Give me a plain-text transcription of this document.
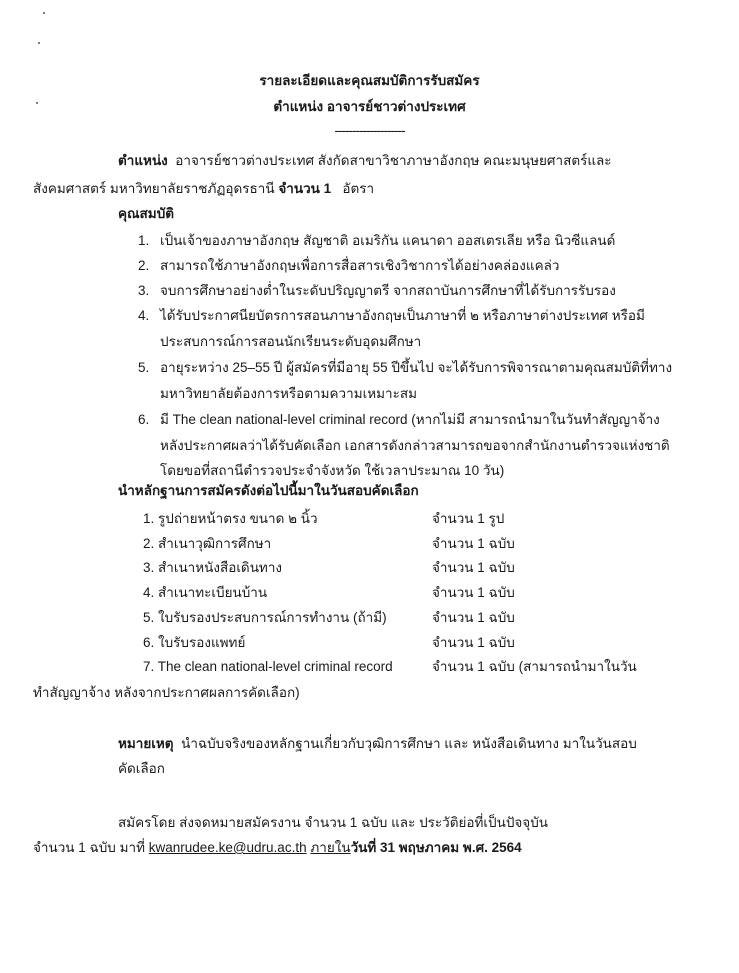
รายละเอียดและคุณสมบัติการรับสมัคร
ตำแหน่ง อาจารย์ชาวต่างประเทศ
--------------------
ตำแหน่ง อาจารย์ชาวต่างประเทศ สังกัดสาขาวิชาภาษาอังกฤษ คณะมนุษยศาสตร์และ
สังคมศาสตร์ มหาวิทยาลัยราชภัฏอุดรธานี จำนวน 1 อัตรา
คุณสมบัติ
1. เป็นเจ้าของภาษาอังกฤษ สัญชาติ อเมริกัน แคนาดา ออสเตรเลีย หรือ นิวซีแลนด์
2. สามารถใช้ภาษาอังกฤษเพื่อการสื่อสารเชิงวิชาการได้อย่างคล่องแคล่ว
3. จบการศึกษาอย่างต่ำในระดับปริญญาตรี จากสถาบันการศึกษาที่ได้รับการรับรอง
4. ได้รับประกาศนียบัตรการสอนภาษาอังกฤษเป็นภาษาที่ ๒ หรือภาษาต่างประเทศ หรือมี
ประสบการณ์การสอนนักเรียนระดับอุดมศึกษา
5. อายุระหว่าง 25–55 ปี ผู้สมัครที่มีอายุ 55 ปีขึ้นไป จะได้รับการพิจารณาตามคุณสมบัติที่ทาง
มหาวิทยาลัยต้องการหรือตามความเหมาะสม
6. มี The clean national-level criminal record (หากไม่มี สามารถนำมาในวันทำสัญญาจ้าง
หลังประกาศผลว่าได้รับคัดเลือก เอกสารดังกล่าวสามารถขอจากสำนักงานตำรวจแห่งชาติ
โดยขอที่สถานีตำรวจประจำจังหวัด ใช้เวลาประมาณ 10 วัน)
นำหลักฐานการสมัครดังต่อไปนี้มาในวันสอบคัดเลือก
1. รูปถ่ายหน้าตรง ขนาด ๒ นิ้ว	จำนวน 1 รูป
2. สำเนาวุฒิการศึกษา	จำนวน 1 ฉบับ
3. สำเนาหนังสือเดินทาง	จำนวน 1 ฉบับ
4. สำเนาทะเบียนบ้าน	จำนวน 1 ฉบับ
5. ใบรับรองประสบการณ์การทำงาน (ถ้ามี)	จำนวน 1 ฉบับ
6. ใบรับรองแพทย์	จำนวน 1 ฉบับ
7. The clean national-level criminal record	จำนวน 1 ฉบับ (สามารถนำมาในวัน
ทำสัญญาจ้าง หลังจากประกาศผลการคัดเลือก)
หมายเหตุ นำฉบับจริงของหลักฐานเกี่ยวกับวุฒิการศึกษา และ หนังสือเดินทาง มาในวันสอบ
คัดเลือก
สมัครโดย ส่งจดหมายสมัครงาน จำนวน 1 ฉบับ และ ประวัติย่อที่เป็นปัจจุบัน
จำนวน 1 ฉบับ มาที่ kwanrudee.ke@udru.ac.th ภายในวันที่ 31 พฤษภาคม พ.ศ. 2564
